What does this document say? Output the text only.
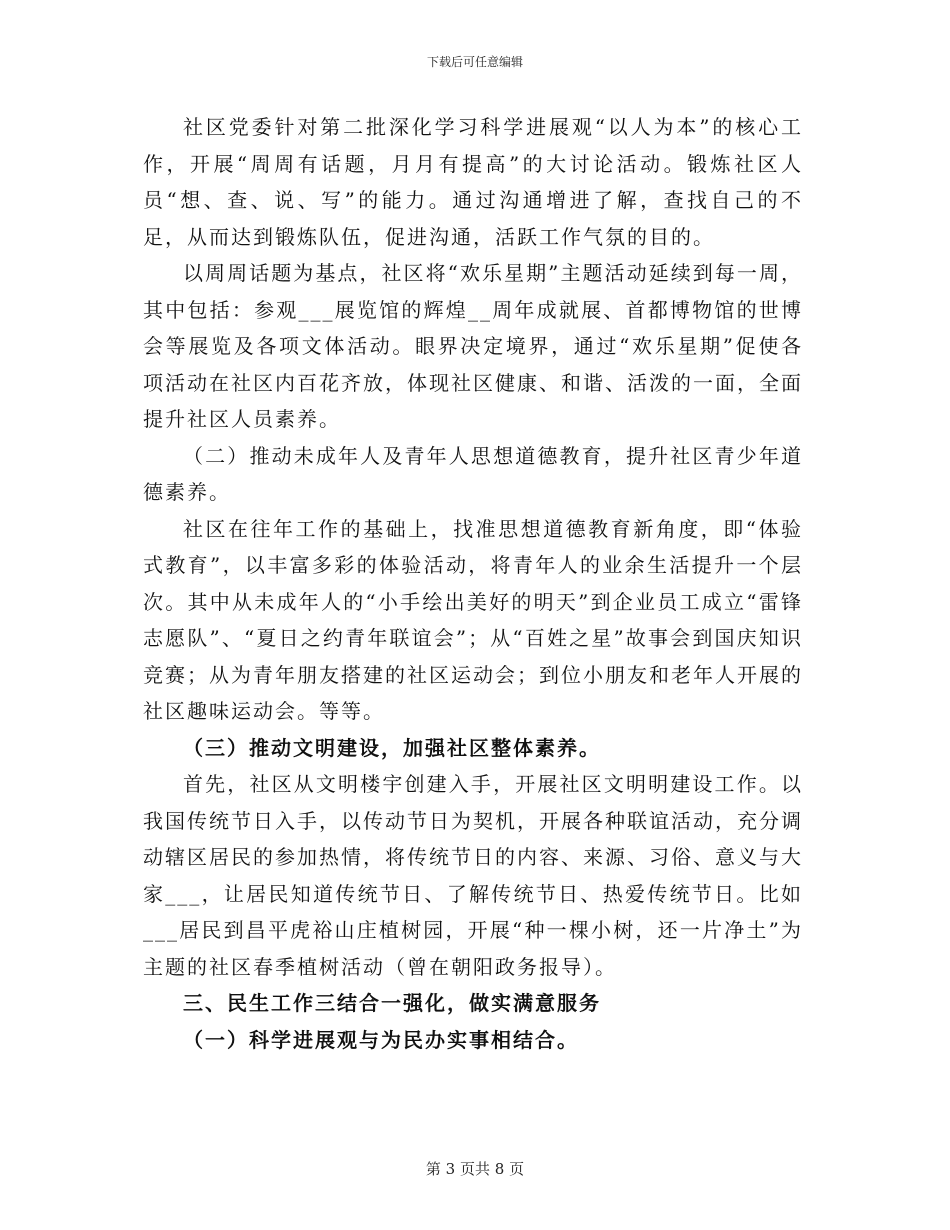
下载后可任意编辑

社区党委针对第二批深化学习科学进展观“以人为本”的核心工作，开展“周周有话题，月月有提高”的大讨论活动。锻炼社区人员“想、查、说、写”的能力。通过沟通增进了解，查找自己的不足，从而达到锻炼队伍，促进沟通，活跃工作气氛的目的。

以周周话题为基点，社区将“欢乐星期”主题活动延续到每一周，其中包括：参观___展览馆的辉煌__周年成就展、首都博物馆的世博会等展览及各项文体活动。眼界决定境界，通过“欢乐星期”促使各项活动在社区内百花齐放，体现社区健康、和谐、活泼的一面，全面提升社区人员素养。

（二）推动未成年人及青年人思想道德教育，提升社区青少年道德素养。

社区在往年工作的基础上，找准思想道德教育新角度，即“体验式教育”，以丰富多彩的体验活动，将青年人的业余生活提升一个层次。其中从未成年人的“小手绘出美好的明天”到企业员工成立“雷锋志愿队”、“夏日之约青年联谊会”；从“百姓之星”故事会到国庆知识竞赛；从为青年朋友搭建的社区运动会；到位小朋友和老年人开展的社区趣味运动会。等等。

（三）推动文明建设，加强社区整体素养。

首先，社区从文明楼宇创建入手，开展社区文明明建设工作。以我国传统节日入手，以传动节日为契机，开展各种联谊活动，充分调动辖区居民的参加热情，将传统节日的内容、来源、习俗、意义与大家___，让居民知道传统节日、了解传统节日、热爱传统节日。比如___居民到昌平虎裕山庄植树园，开展“种一棵小树，还一片净土”为主题的社区春季植树活动（曾在朝阳政务报导）。

三、民生工作三结合一强化，做实满意服务

（一）科学进展观与为民办实事相结合。

第 3 页共 8 页
